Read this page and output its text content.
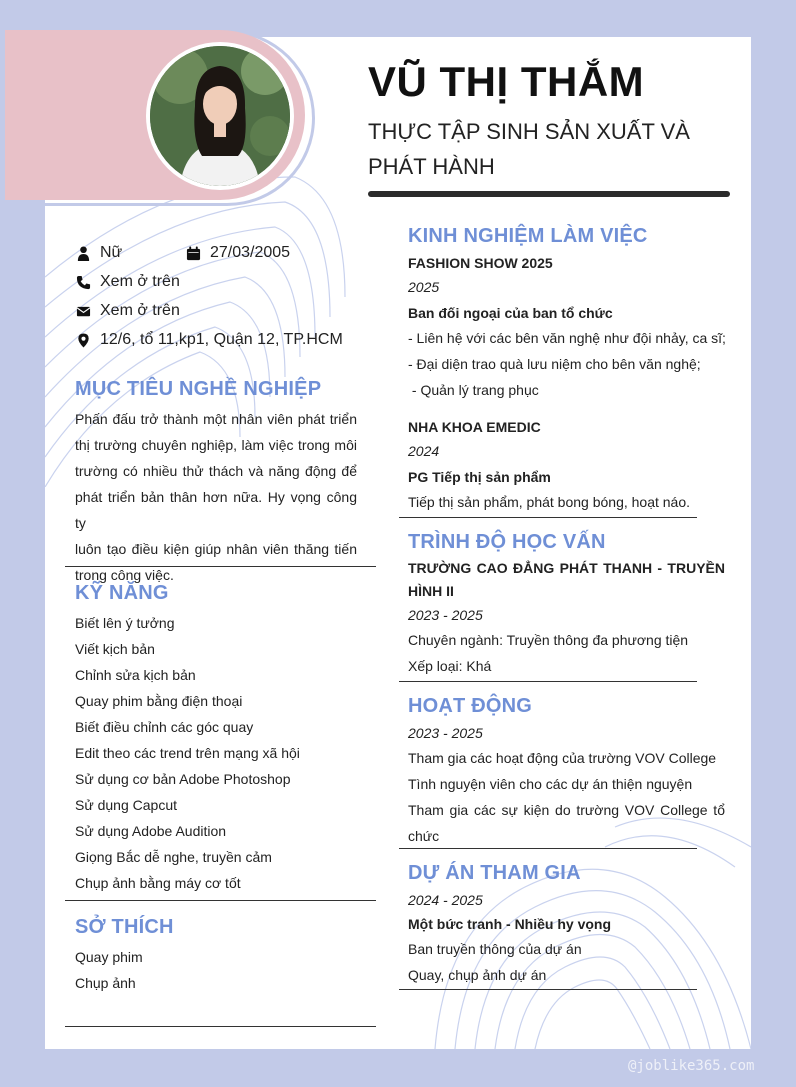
VŨ THỊ THẮM
THỰC TẬP SINH SẢN XUẤT VÀ PHÁT HÀNH
Nữ	27/03/2005
Xem ở trên
Xem ở trên
12/6, tổ 11,kp1, Quận 12, TP.HCM
MỤC TIÊU NGHỀ NGHIỆP
Phấn đấu trở thành một nhân viên phát triển
thị trường chuyên nghiệp, làm việc trong môi
trường có nhiều thử thách và năng động để
phát triển bản thân hơn nữa. Hy vọng công ty
luôn tạo điều kiện giúp nhân viên thăng tiến
trong công việc.
KỸ NĂNG
Biết lên ý tưởng
Viết kịch bản
Chỉnh sửa kịch bản
Quay phim bằng điện thoại
Biết điều chỉnh các góc quay
Edit theo các trend trên mạng xã hội
Sử dụng cơ bản Adobe Photoshop
Sử dụng Capcut
Sử dụng Adobe Audition
Giọng Bắc dễ nghe, truyền cảm
Chụp ảnh bằng máy cơ tốt
SỞ THÍCH
Quay phim
Chụp ảnh
KINH NGHIỆM LÀM VIỆC
FASHION SHOW 2025
2025
Ban đối ngoại của ban tổ chức
- Liên hệ với các bên văn nghệ như đội nhảy, ca sĩ;
- Đại diện trao quà lưu niệm cho bên văn nghệ;
- Quản lý trang phục
NHA KHOA EMEDIC
2024
PG Tiếp thị sản phẩm
Tiếp thị sản phẩm, phát bong bóng, hoạt náo.
TRÌNH ĐỘ HỌC VẤN
TRƯỜNG CAO ĐẲNG PHÁT THANH - TRUYỀN HÌNH II
2023 - 2025
Chuyên ngành: Truyền thông đa phương tiện
Xếp loại: Khá
HOẠT ĐỘNG
2023 - 2025
Tham gia các hoạt động của trường VOV College
Tình nguyện viên cho các dự án thiện nguyện
Tham gia các sự kiện do trường VOV College tổ chức
DỰ ÁN THAM GIA
2024 - 2025
Một bức tranh - Nhiều hy vọng
Ban truyền thông của dự án
Quay, chụp ảnh dự án
@joblike365.com
